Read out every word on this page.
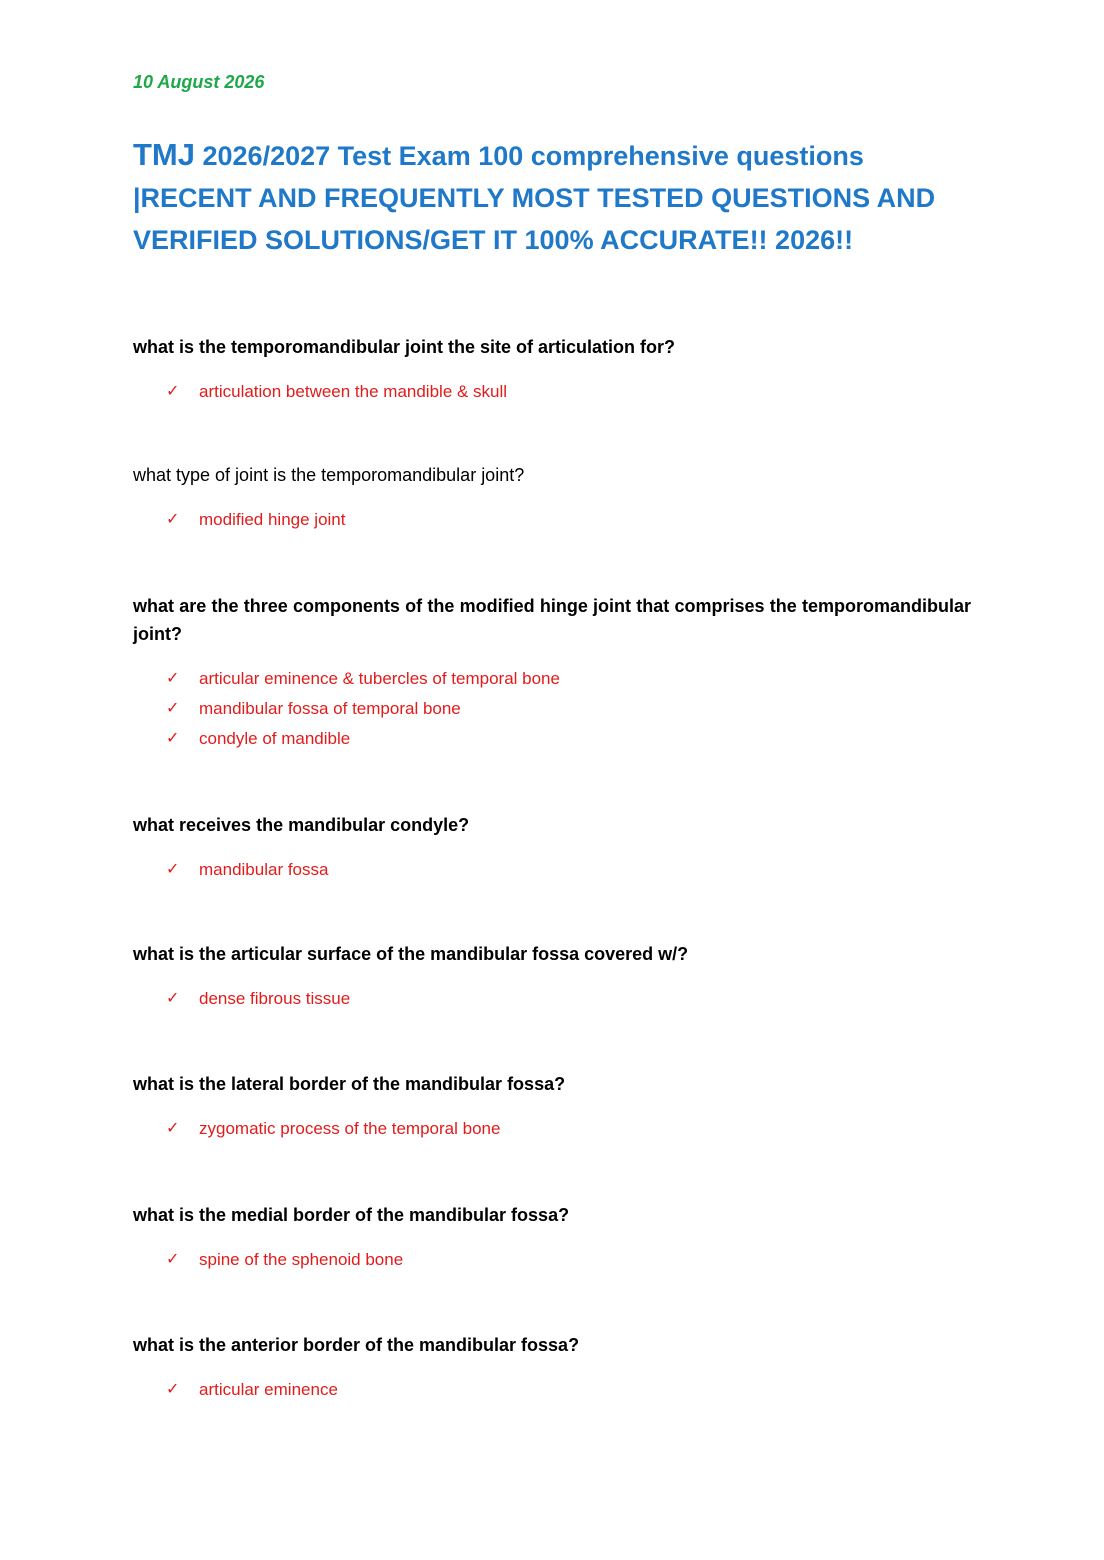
10 August 2026
TMJ 2026/2027 Test Exam 100 comprehensive questions |RECENT AND FREQUENTLY MOST TESTED QUESTIONS AND VERIFIED SOLUTIONS/GET IT 100% ACCURATE!! 2026!!

what is the temporomandibular joint the site of articulation for?

✓ articulation between the mandible & skull

what type of joint is the temporomandibular joint?

✓ modified hinge joint

what are the three components of the modified hinge joint that comprises the temporomandibular joint?

✓ articular eminence & tubercles of temporal bone
✓ mandibular fossa of temporal bone
✓ condyle of mandible

what receives the mandibular condyle?

✓ mandibular fossa

what is the articular surface of the mandibular fossa covered w/?

✓ dense fibrous tissue

what is the lateral border of the mandibular fossa?

✓ zygomatic process of the temporal bone

what is the medial border of the mandibular fossa?

✓ spine of the sphenoid bone

what is the anterior border of the mandibular fossa?

✓ articular eminence
